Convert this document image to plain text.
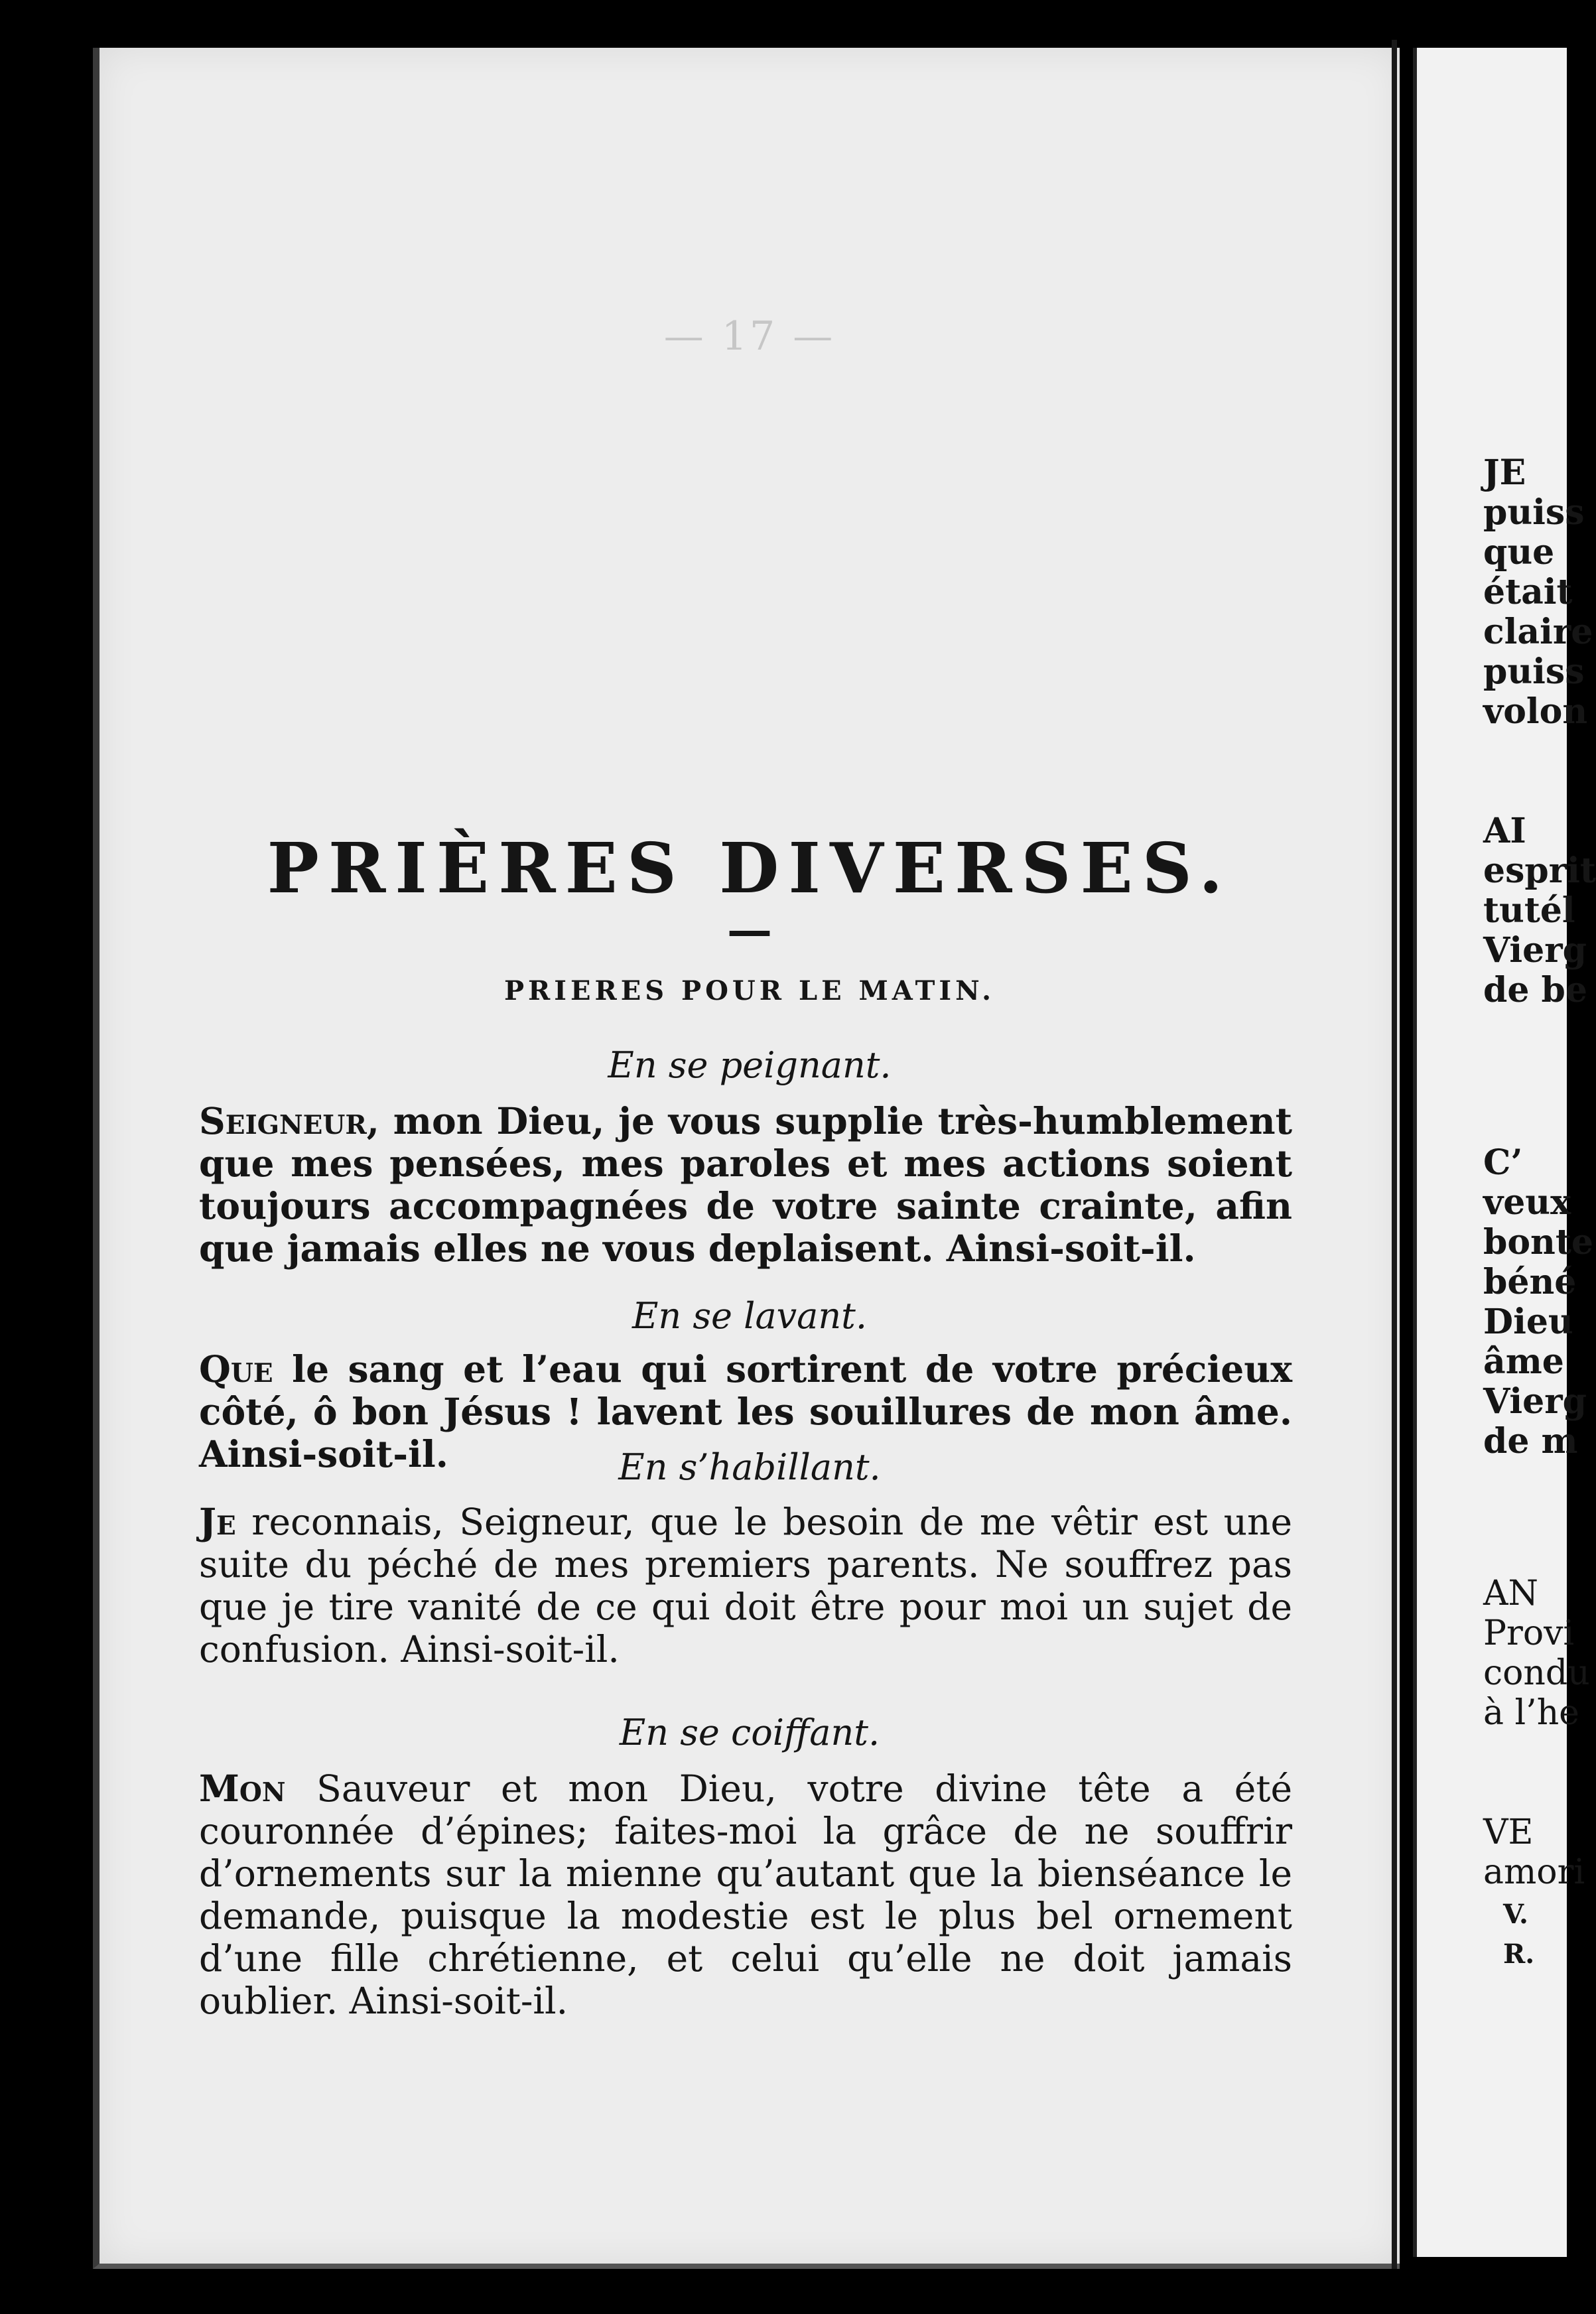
— 17 —
PRIÈRES DIVERSES.
—
PRIERES POUR LE MATIN.
En se peignant.
Seigneur, mon Dieu, je vous supplie très-humblement que mes pensées, mes paroles et mes actions soient toujours accompagnées de votre sainte crainte, afin que jamais elles ne vous deplaisent. Ainsi-soit-il.
En se lavant.
Que le sang et l’eau qui sortirent de votre précieux côté, ô bon Jésus ! lavent les souillures de mon âme. Ainsi-soit-il.	En s’habillant.
Je reconnais, Seigneur, que le besoin de me vêtir est une suite du péché de mes premiers parents. Ne souffrez pas que je tire vanité de ce qui doit être pour moi un sujet de confusion. Ainsi-soit-il.
En se coiffant.
Mon Sauveur et mon Dieu, votre divine tête a été couronnée d’épines; faites-moi la grâce de ne souffrir d’ornements sur la mienne qu’autant que la bienséance le demande, puisque la modestie est le plus bel ornement d’une fille chrétienne, et celui qu’elle ne doit jamais oublier. Ainsi-soit-il.
JE
puiss
que
était
claire
puiss
volon
AI
esprit
tutél
Vierg
de be
C’
veux
bonte
béné
Dieu
âme
Vierg
de m
AN
Provi
condu
à l’he
VE
amori
V.
R.
